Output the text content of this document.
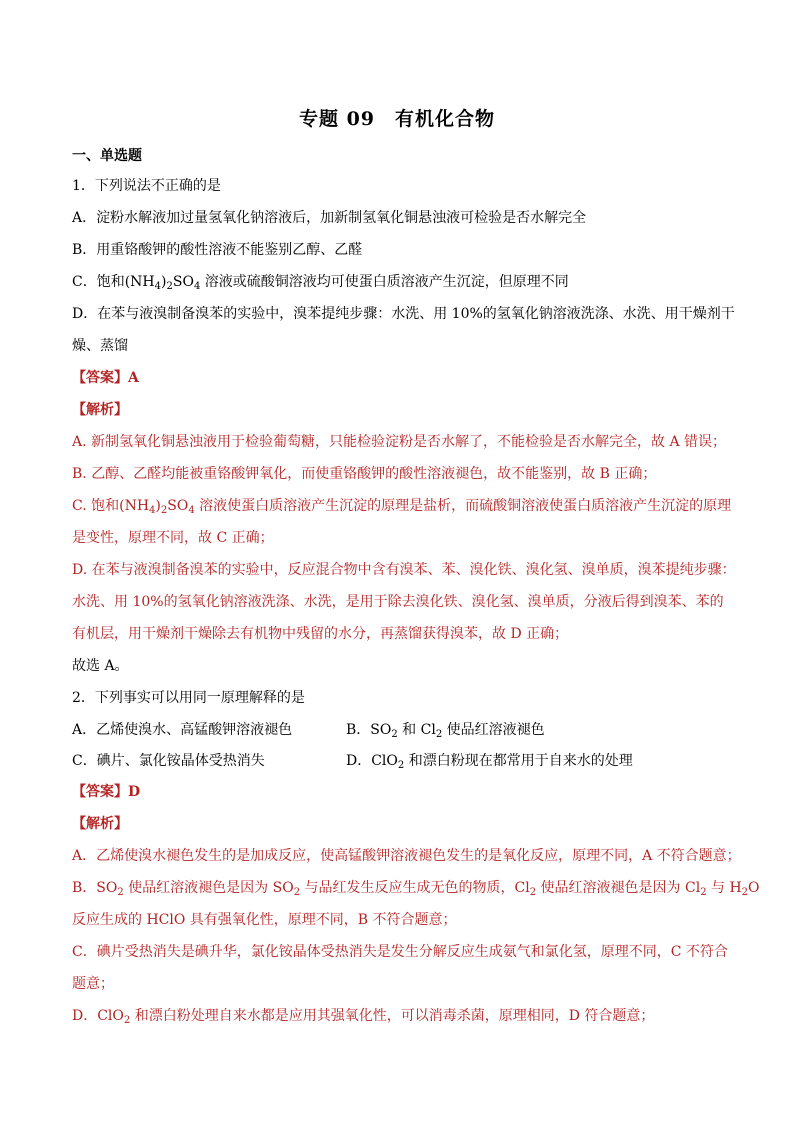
专题 09　有机化合物
一、单选题
1．下列说法不正确的是
A．淀粉水解液加过量氢氧化钠溶液后，加新制氢氧化铜悬浊液可检验是否水解完全
B．用重铬酸钾的酸性溶液不能鉴别乙醇、乙醛
C．饱和$(NH_4)_2SO_4$ 溶液或硫酸铜溶液均可使蛋白质溶液产生沉淀，但原理不同
D．在苯与液溴制备溴苯的实验中，溴苯提纯步骤：水洗、用 10%的氢氧化钠溶液洗涤、水洗、用干燥剂干
燥、蒸馏
【答案】A
【解析】
A. 新制氢氧化铜悬浊液用于检验葡萄糖，只能检验淀粉是否水解了，不能检验是否水解完全，故 A 错误；
B. 乙醇、乙醛均能被重铬酸钾氧化，而使重铬酸钾的酸性溶液褪色，故不能鉴别，故 B 正确；
C. 饱和$(NH_4)_2SO_4$ 溶液使蛋白质溶液产生沉淀的原理是盐析，而硫酸铜溶液使蛋白质溶液产生沉淀的原理
是变性，原理不同，故 C 正确；
D. 在苯与液溴制备溴苯的实验中，反应混合物中含有溴苯、苯、溴化铁、溴化氢、溴单质，溴苯提纯步骤：
水洗、用 10%的氢氧化钠溶液洗涤、水洗，是用于除去溴化铁、溴化氢、溴单质，分液后得到溴苯、苯的
有机层，用干燥剂干燥除去有机物中残留的水分，再蒸馏获得溴苯，故 D 正确；
故选 A。
2．下列事实可以用同一原理解释的是
A．乙烯使溴水、高锰酸钾溶液褪色	B．$SO_2$ 和 $Cl_2$ 使品红溶液褪色
C．碘片、氯化铵晶体受热消失	D．ClO$_2$ 和漂白粉现在都常用于自来水的处理
【答案】D
【解析】
A．乙烯使溴水褪色发生的是加成反应，使高锰酸钾溶液褪色发生的是氧化反应，原理不同，A 不符合题意；
B．$SO_2$ 使品红溶液褪色是因为 $SO_2$ 与品红发生反应生成无色的物质，$Cl_2$ 使品红溶液褪色是因为 $Cl_2$ 与 $H_2O$
反应生成的 HClO 具有强氧化性，原理不同，B 不符合题意；
C．碘片受热消失是碘升华，氯化铵晶体受热消失是发生分解反应生成氨气和氯化氢，原理不同，C 不符合
题意；
D．ClO$_2$ 和漂白粉处理自来水都是应用其强氧化性，可以消毒杀菌，原理相同，D 符合题意；
